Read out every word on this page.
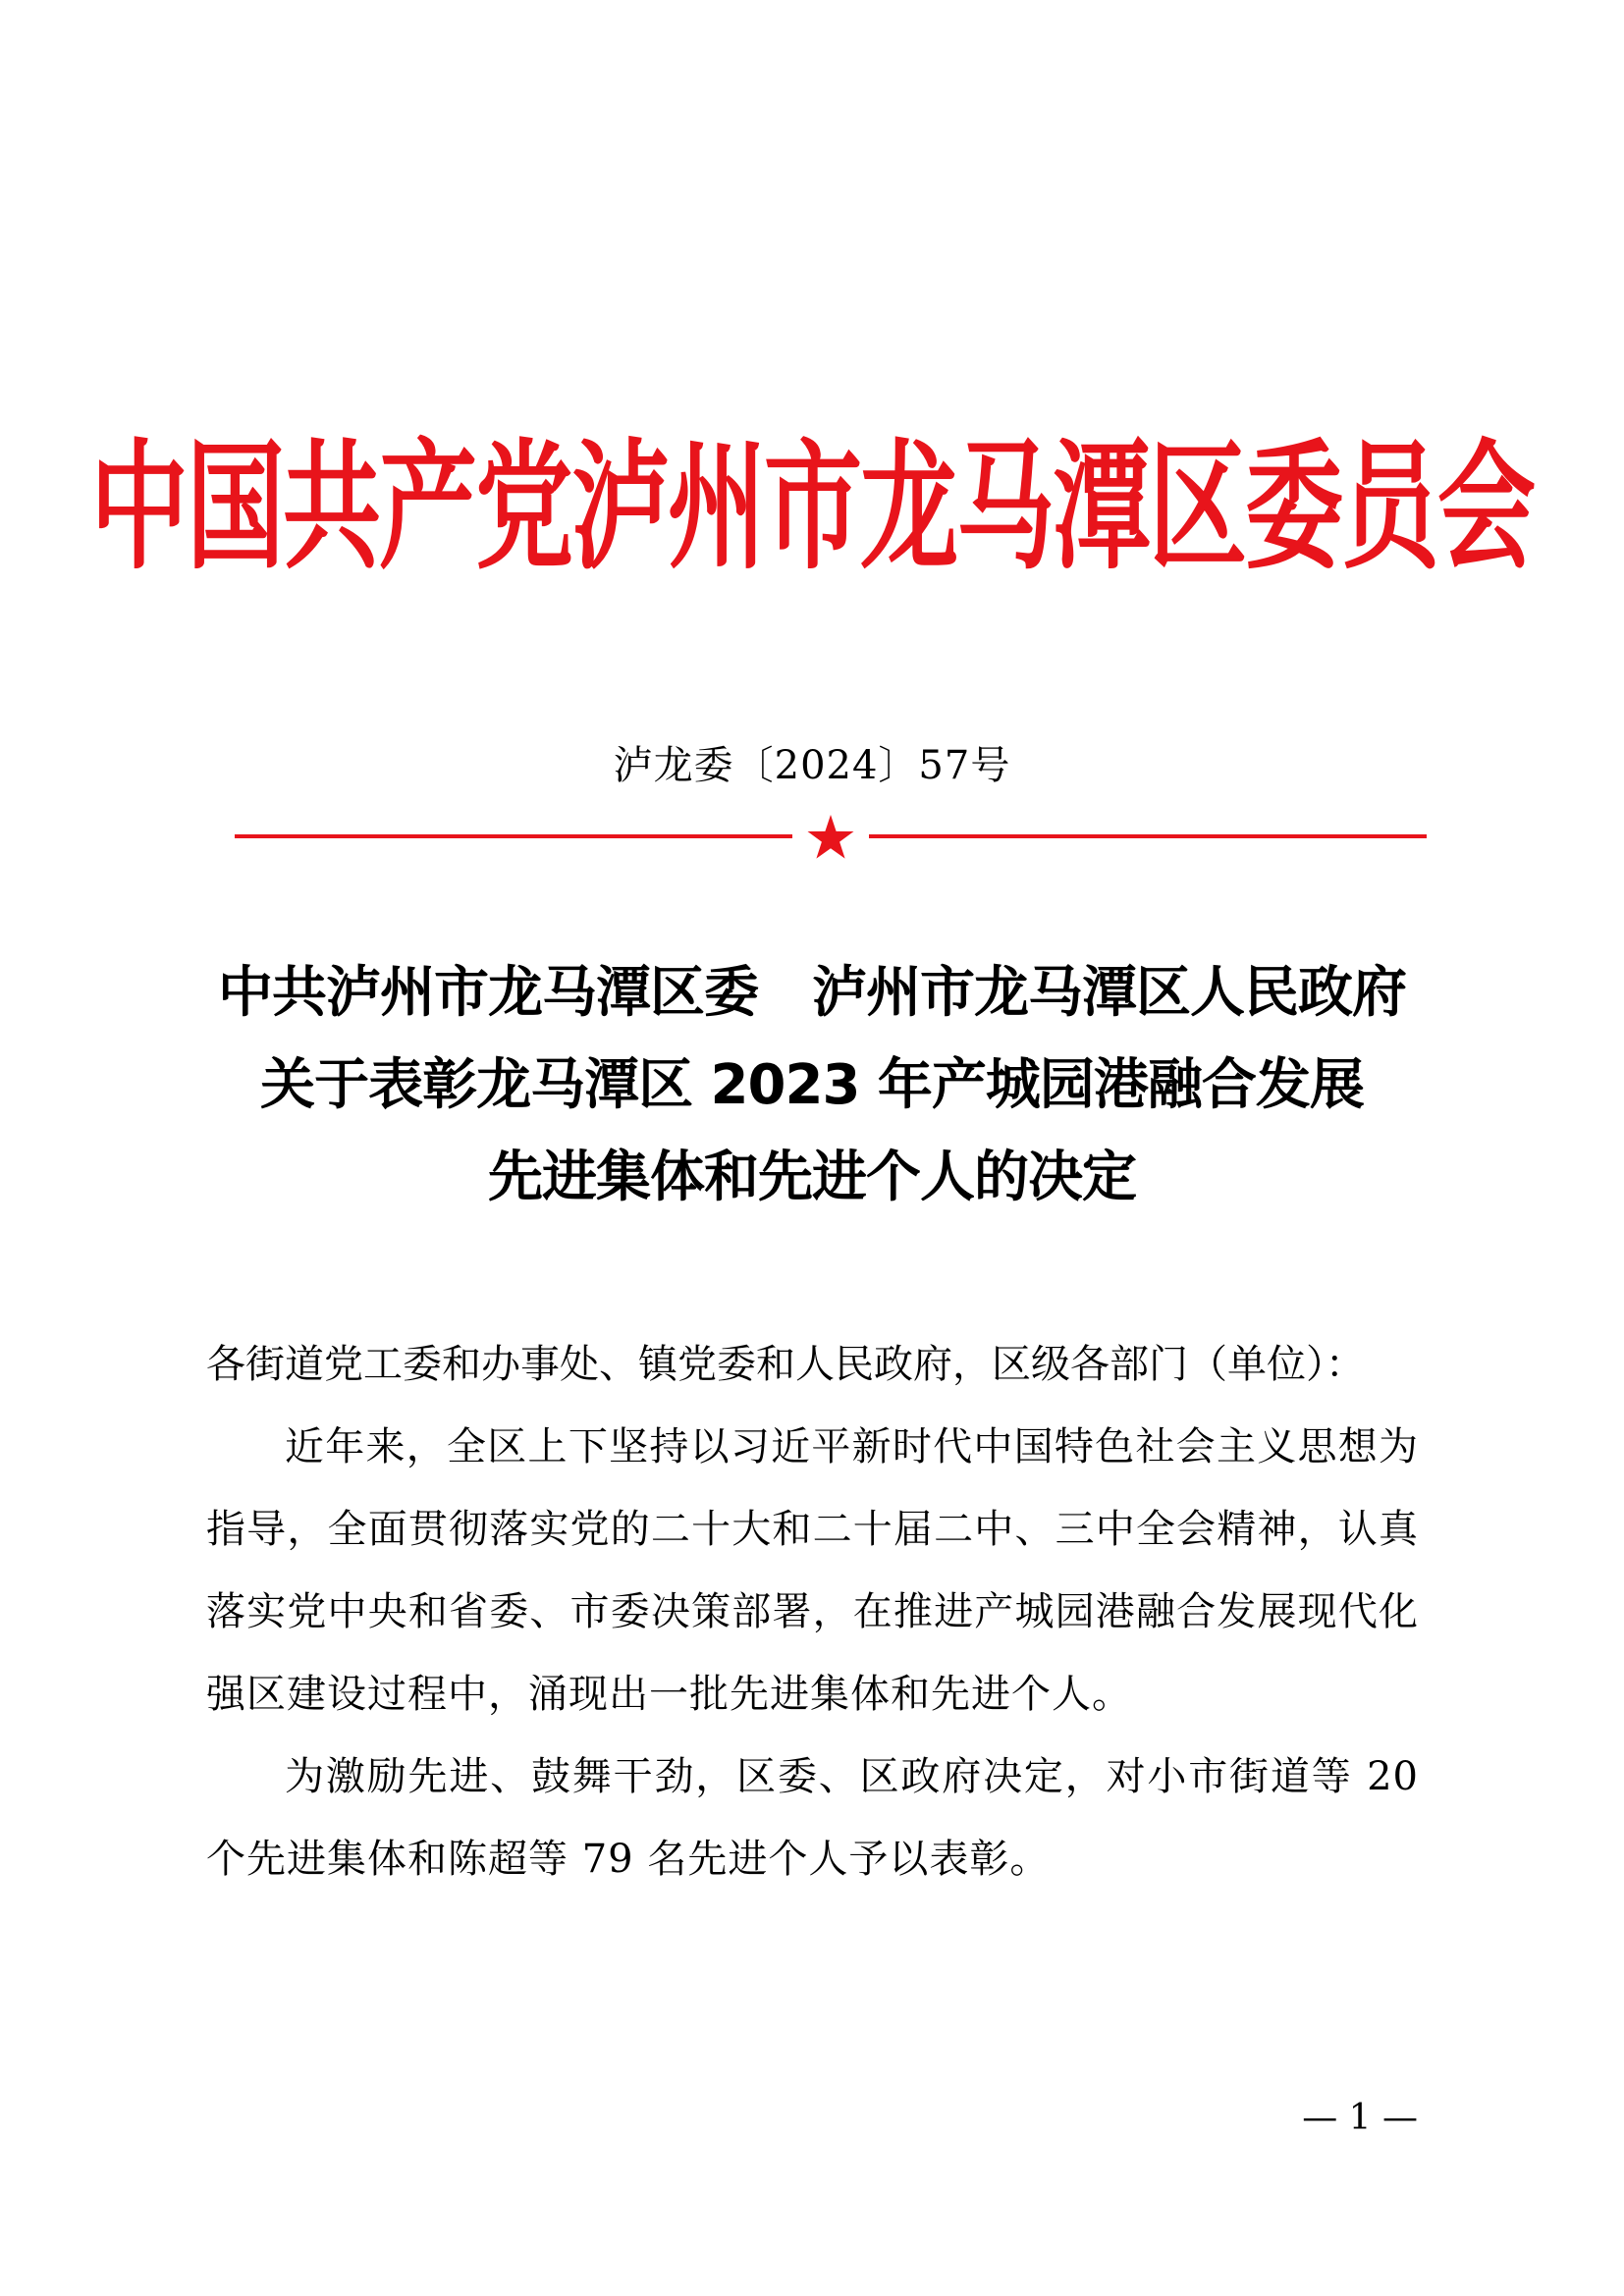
中国共产党泸州市龙马潭区委员会
泸龙委〔2024〕57号
中共泸州市龙马潭区委　泸州市龙马潭区人民政府
关于表彰龙马潭区 2023 年产城园港融合发展
先进集体和先进个人的决定

各街道党工委和办事处、镇党委和人民政府，区级各部门（单位）：

近年来，全区上下坚持以习近平新时代中国特色社会主义思想为指导，全面贯彻落实党的二十大和二十届二中、三中全会精神，认真落实党中央和省委、市委决策部署，在推进产城园港融合发展现代化强区建设过程中，涌现出一批先进集体和先进个人。

为激励先进、鼓舞干劲，区委、区政府决定，对小市街道等 20 个先进集体和陈超等 79 名先进个人予以表彰。

— 1 —
